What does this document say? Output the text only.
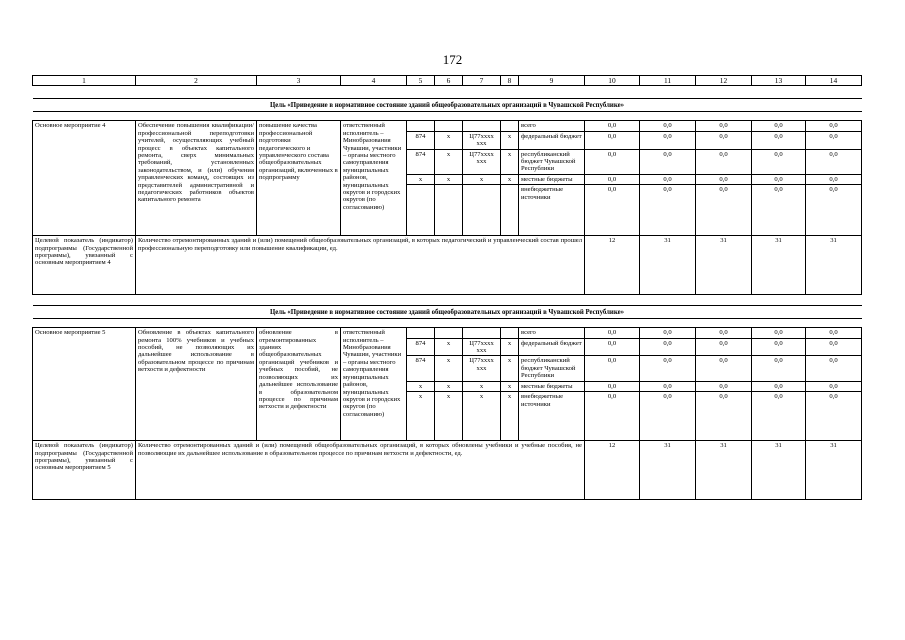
172
1	2	3	4	5	6	7	8	9	10	11	12	13	14

Цель «Приведение в нормативное состояние зданий общеобразовательных организаций в Чувашской Республике»													

Основное мероприятие 4	Обеспечение повышения квалификации/профессиональной переподготовки учителей, осуществляющих учебный процесс в объектах капитального ремонта, сверх минимальных требований, установленных законодательством, и (или) обучения управленческих команд, состоящих из представителей административной и педагогических работников объектов капитального ремонта	повышение качества профессиональной подготовки педагогического и управленческого состава общеобразовательных организаций, включенных в подпрограмму	ответственный исполнитель – Минобразования Чувашии, участники – органы местного самоуправления муниципальных районов, муниципальных округов и городских округов (по согласованию)					всего	0,0	0,0	0,0	0,0	0,0
				874	х	Ц77хххх ххх	х	федеральный бюджет	0,0	0,0	0,0	0,0	0,0
				874	х	Ц77хххх ххх	х	республиканский бюджет Чувашской Республики	0,0	0,0	0,0	0,0	0,0
				х	х	х	х	местные бюджеты	0,0	0,0	0,0	0,0	0,0
								внебюджетные источники	0,0	0,0	0,0	0,0	0,0
Целевой показатель (индикатор) подпрограммы (Государственной программы), увязанный с основным мероприятием 4	Количество отремонтированных зданий и (или) помещений общеобразовательных организаций, в которых педагогический и управленческий состав прошел профессиональную переподготовку или повышение квалификации, ед.								12	31	31	31	31

Цель «Приведение в нормативное состояние зданий общеобразовательных организаций в Чувашской Республике»													

Основное мероприятие 5	Обновление в объектах капитального ремонта 100% учебников и учебных пособий, не позволяющих их дальнейшее использование в образовательном процессе по причинам ветхости и дефектности	обновление в отремонтированных зданиях общеобразовательных организаций учебников и учебных пособий, не позволяющих их дальнейшее использование в образовательном процессе по причинам ветхости и дефектности	ответственный исполнитель – Минобразования Чувашии, участники – органы местного самоуправления муниципальных районов, муниципальных округов и городских округов (по согласованию)					всего	0,0	0,0	0,0	0,0	0,0
				874	х	Ц77хххх ххх	х	федеральный бюджет	0,0	0,0	0,0	0,0	0,0
				874	х	Ц77хххх ххх	х	республиканский бюджет Чувашской Республики	0,0	0,0	0,0	0,0	0,0
				х	х	х	х	местные бюджеты	0,0	0,0	0,0	0,0	0,0
				х	х	х	х	внебюджетные источники	0,0	0,0	0,0	0,0	0,0
Целевой показатель (индикатор) подпрограммы (Государственной программы), увязанный с основным мероприятием 5	Количество отремонтированных зданий и (или) помещений общеобразовательных организаций, в которых обновлены учебники и учебные пособия, не позволяющие их дальнейшее использование в образовательном процессе по причинам ветхости и дефектности, ед.								12	31	31	31	31
